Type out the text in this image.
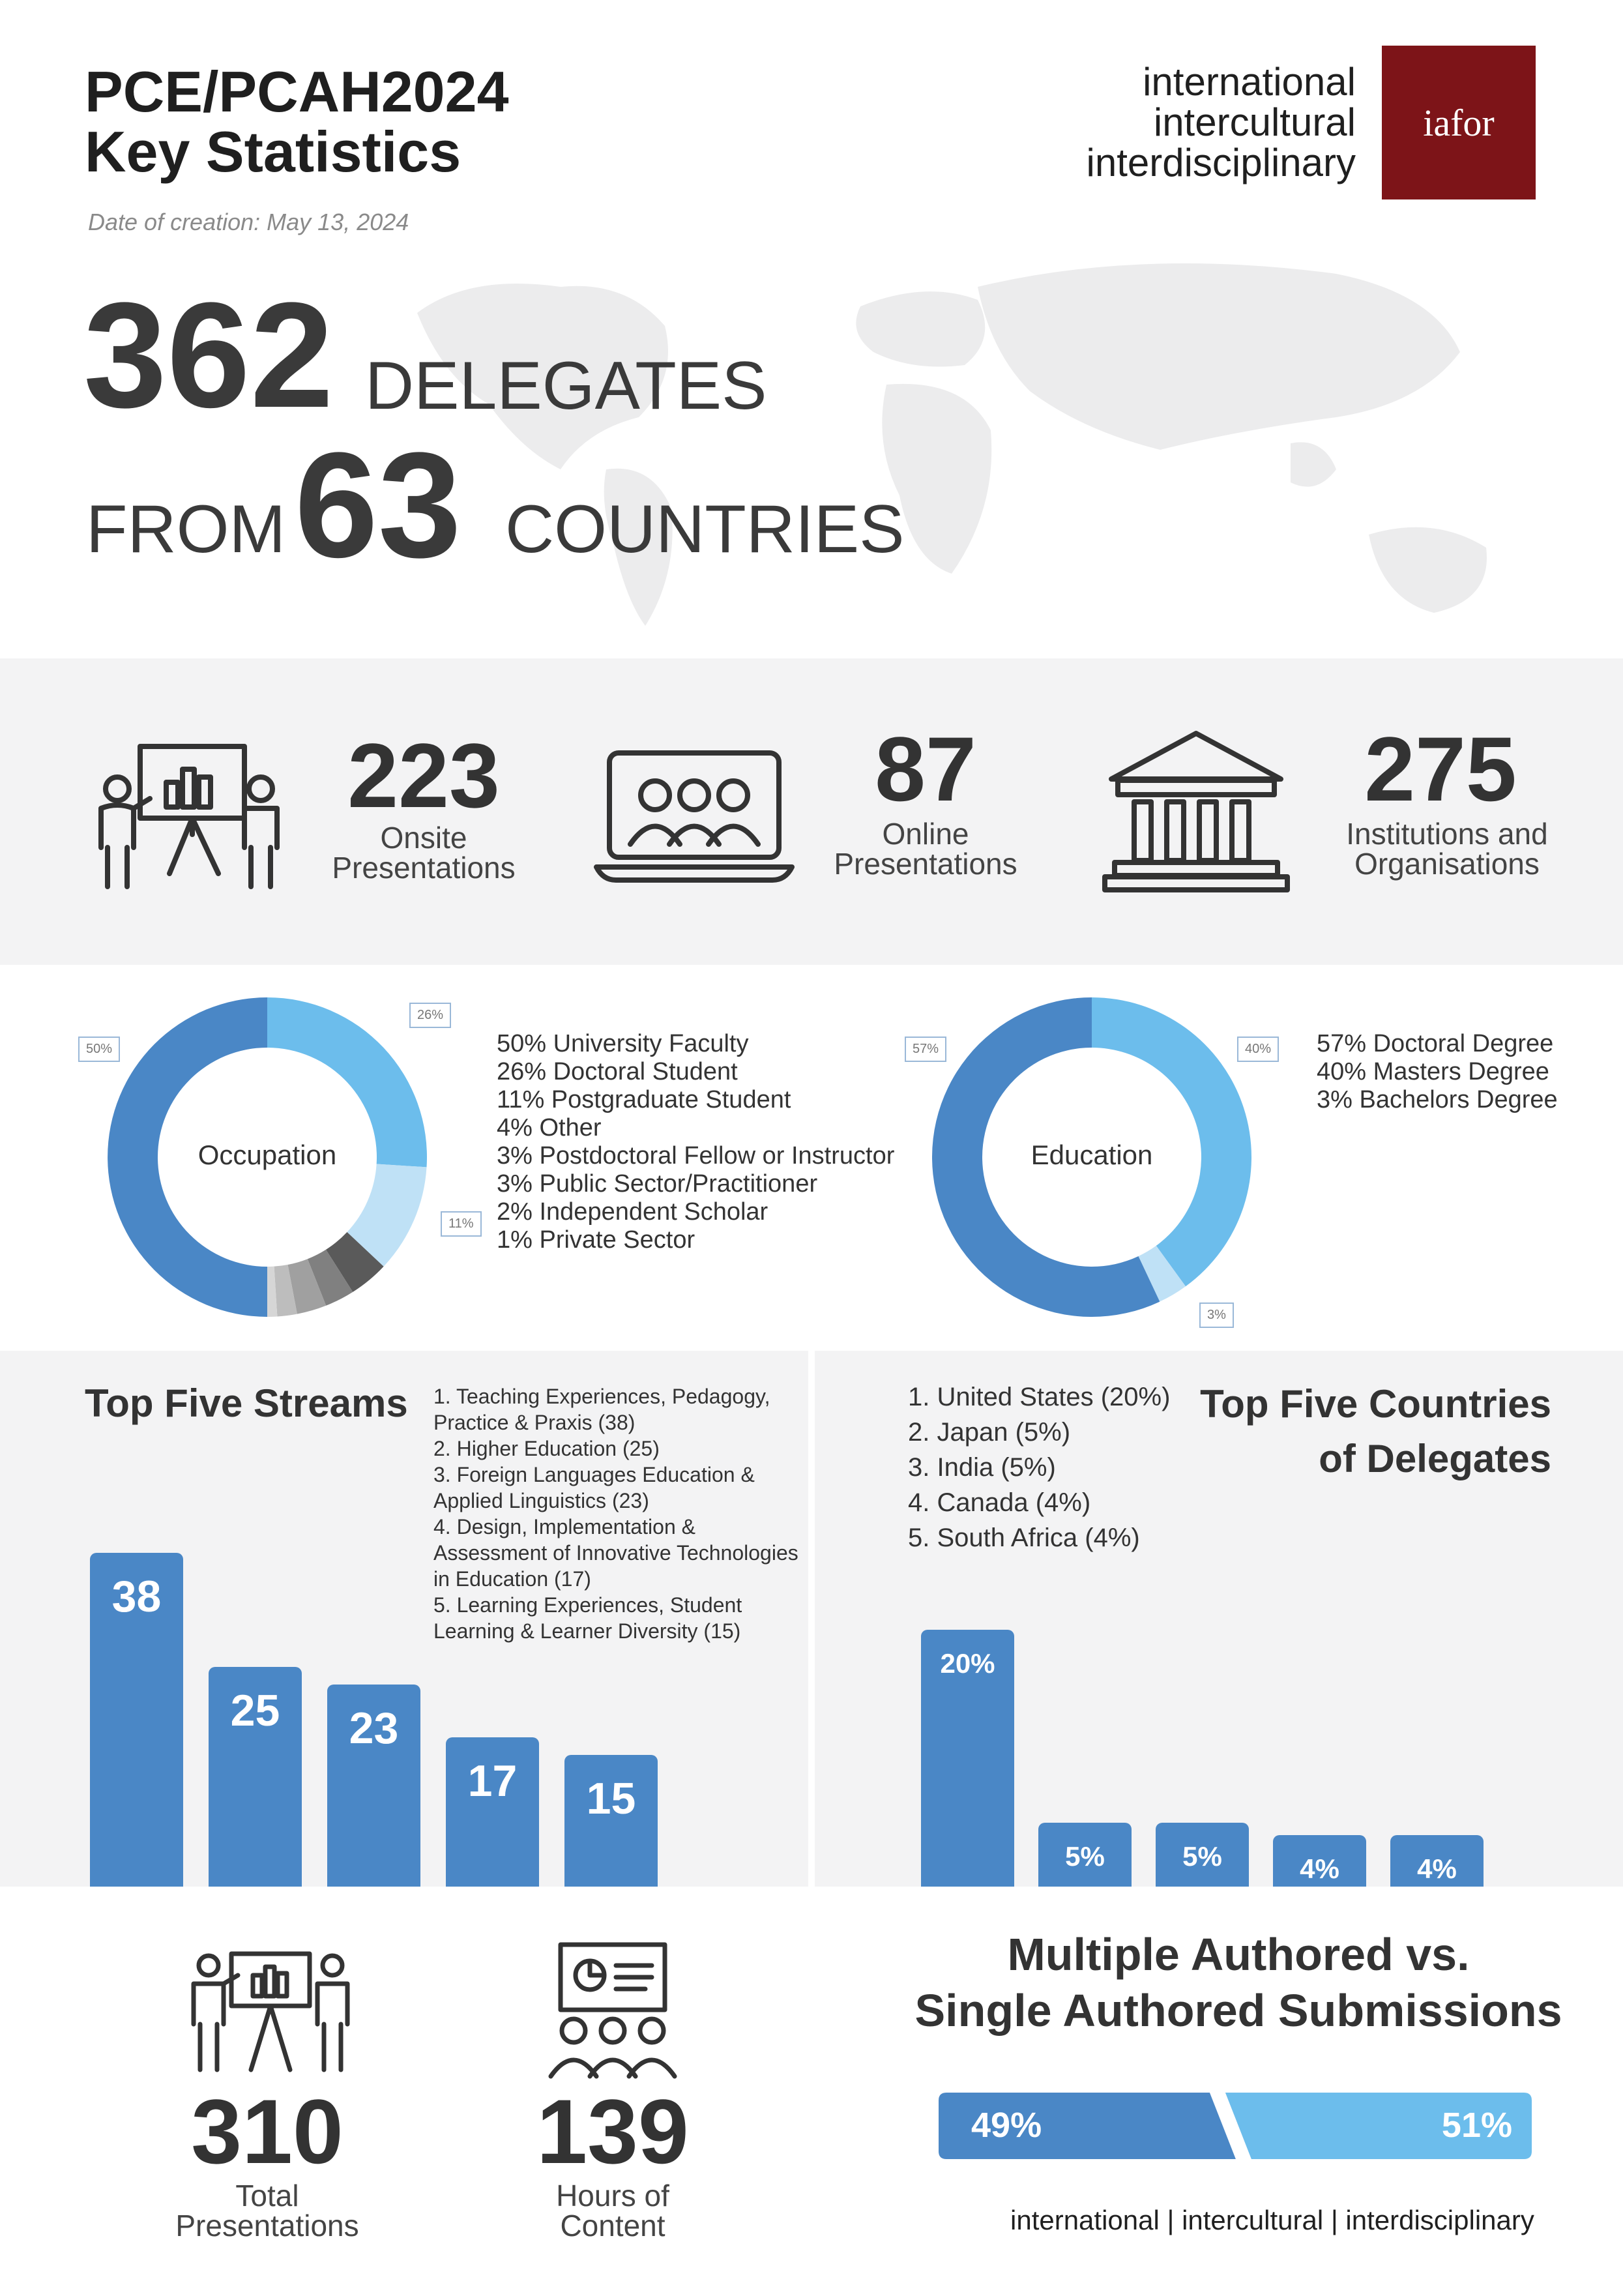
PCE/PCAH2024
Key Statistics
Date of creation: May 13, 2024
international
intercultural
interdisciplinary
iafor
362 DELEGATES
FROM 63 COUNTRIES
223
Onsite
Presentations
87
Online
Presentations
275
Institutions and
Organisations
Occupation
50%
26%
11%
50% University Faculty
26% Doctoral Student
11% Postgraduate Student
4% Other
3% Postdoctoral Fellow or Instructor
3% Public Sector/Practitioner
2% Independent Scholar
1% Private Sector
Education
57%	40%
3%
57% Doctoral Degree
40% Masters Degree
3% Bachelors Degree
Top Five Streams 1. Teaching Experiences, Pedagogy,
Practice & Praxis (38)
2. Higher Education (25)
3. Foreign Languages Education &
Applied Linguistics (23)
4. Design, Implementation &
Assessment of Innovative Technologies
in Education (17)
5. Learning Experiences, Student
Learning & Learner Diversity (15)
38
25	23
17	15
1. United States (20%)
2. Japan (5%)
3. India (5%)
4. Canada (4%)
5. South Africa (4%)
Top Five Countries
of Delegates
20%
5%	5%	4%	4%
310
Total
Presentations
139
Hours of
Content
Multiple Authored vs.
Single Authored Submissions
49%	51%
international | intercultural | interdisciplinary
